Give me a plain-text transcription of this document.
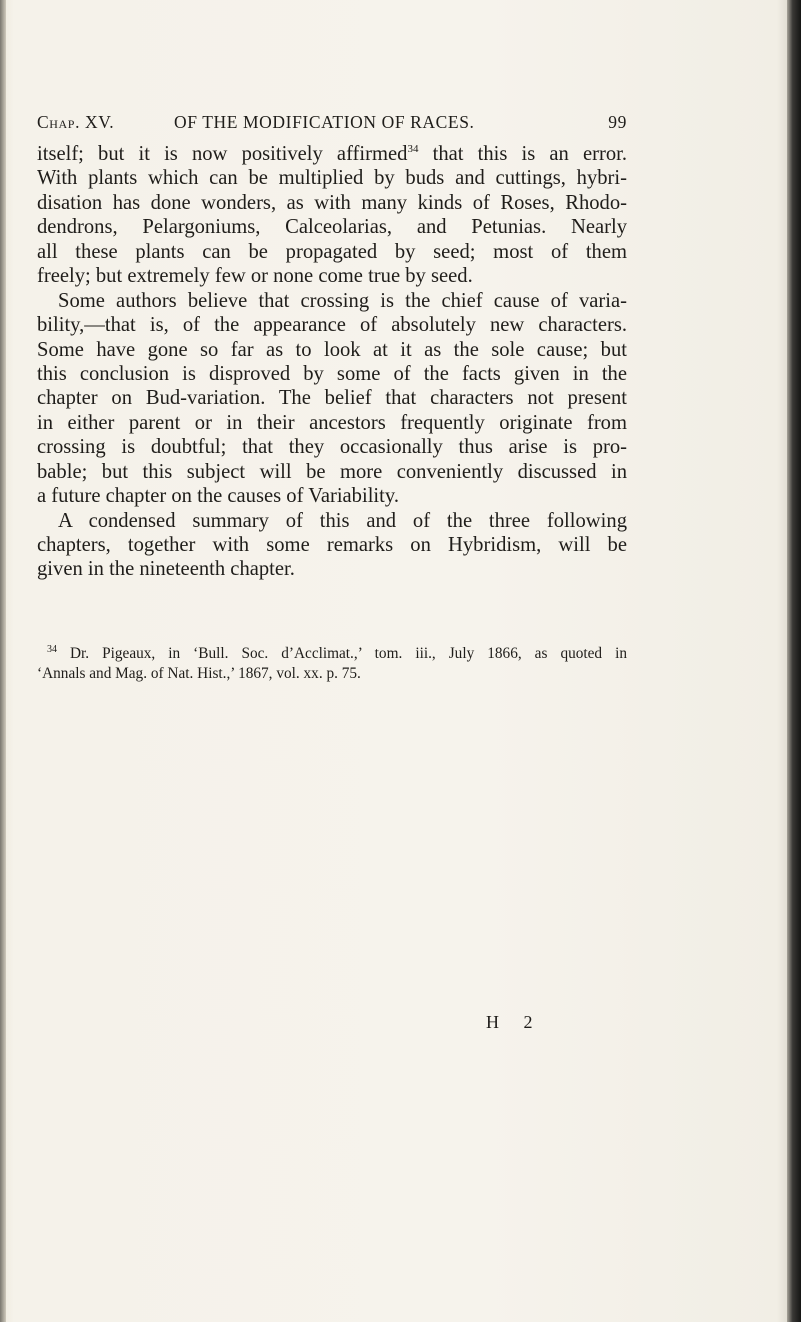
Chap. XV.	OF THE MODIFICATION OF RACES.	99
itself; but it is now positively affirmed$^{34}$ that this is an error.
With plants which can be multiplied by buds and cuttings, hybri-
disation has done wonders, as with many kinds of Roses, Rhodo-
dendrons, Pelargoniums, Calceolarias, and Petunias. Nearly
all these plants can be propagated by seed; most of them
freely; but extremely few or none come true by seed.
Some authors believe that crossing is the chief cause of varia-
bility,—that is, of the appearance of absolutely new characters.
Some have gone so far as to look at it as the sole cause; but
this conclusion is disproved by some of the facts given in the
chapter on Bud-variation. The belief that characters not present
in either parent or in their ancestors frequently originate from
crossing is doubtful; that they occasionally thus arise is pro-
bable; but this subject will be more conveniently discussed in
a future chapter on the causes of Variability.
A condensed summary of this and of the three following
chapters, together with some remarks on Hybridism, will be
given in the nineteenth chapter.
$^{34}$ Dr. Pigeaux, in ‘Bull. Soc. d’Acclimat.,’ tom. iii., July 1866, as quoted in
‘Annals and Mag. of Nat. Hist.,’ 1867, vol. xx. p. 75.
H 2
